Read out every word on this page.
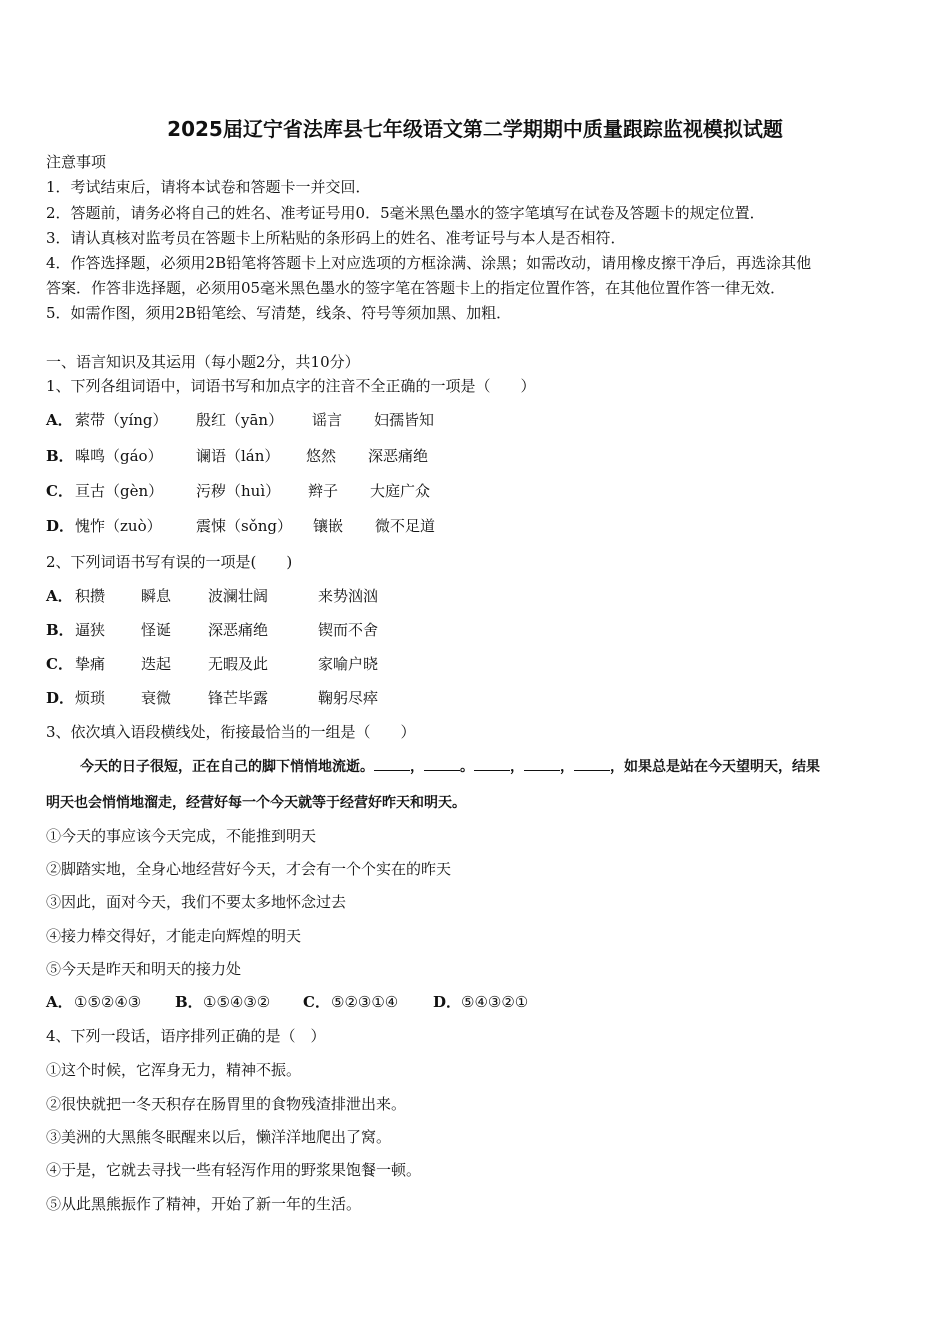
2025届辽宁省法库县七年级语文第二学期期中质量跟踪监视模拟试题
注意事项
1．考试结束后，请将本试卷和答题卡一并交回．
2．答题前，请务必将自己的姓名、准考证号用0．5毫米黑色墨水的签字笔填写在试卷及答题卡的规定位置．
3．请认真核对监考员在答题卡上所粘贴的条形码上的姓名、准考证号与本人是否相符．
4．作答选择题，必须用2B铅笔将答题卡上对应选项的方框涂满、涂黑；如需改动，请用橡皮擦干净后，再选涂其他
答案．作答非选择题，必须用05毫米黑色墨水的签字笔在答题卡上的指定位置作答，在其他位置作答一律无效．
5．如需作图，须用2B铅笔绘、写清楚，线条、符号等须加黑、加粗．
一、语言知识及其运用（每小题2分，共10分）
1、下列各组词语中，词语书写和加点字的注音不全正确的一项是（　　）
A． 萦带（yíng） 殷红（yān） 谣言 妇孺皆知
B． 嗥鸣（gáo） 谰语（lán） 悠然 深恶痛绝
C． 亘古（gèn） 污秽（huì） 辫子 大庭广众
D． 愧怍（zuò） 震悚（sǒng） 镶嵌 微不足道
2、下列词语书写有误的一项是(　　)
A． 积攒 瞬息 波澜壮阔	来势汹汹
B． 逼狭 怪诞 深恶痛绝	锲而不舍
C． 挚痛 迭起 无暇及此	家喻户晓
D． 烦琐 衰微 锋芒毕露	鞠躬尽瘁
3、依次填入语段横线处，衔接最恰当的一组是（　　）
今天的日子很短，正在自己的脚下悄悄地流逝。	，	。	，	，	，如果总是站在今天望明天，结果
明天也会悄悄地溜走，经营好每一个今天就等于经营好昨天和明天。
①今天的事应该今天完成，不能推到明天
②脚踏实地，全身心地经营好今天，才会有一个个实在的昨天
③因此，面对今天，我们不要太多地怀念过去
④接力棒交得好，才能走向辉煌的明天
⑤今天是昨天和明天的接力处
A． ①⑤②④③ B． ①⑤④③② C． ⑤②③①④ D． ⑤④③②①
4、下列一段话，语序排列正确的是（　）
①这个时候，它浑身无力，精神不振。
②很快就把一冬天积存在肠胃里的食物残渣排泄出来。
③美洲的大黑熊冬眠醒来以后，懒洋洋地爬出了窝。
④于是，它就去寻找一些有轻泻作用的野浆果饱餐一顿。
⑤从此黑熊振作了精神，开始了新一年的生活。
